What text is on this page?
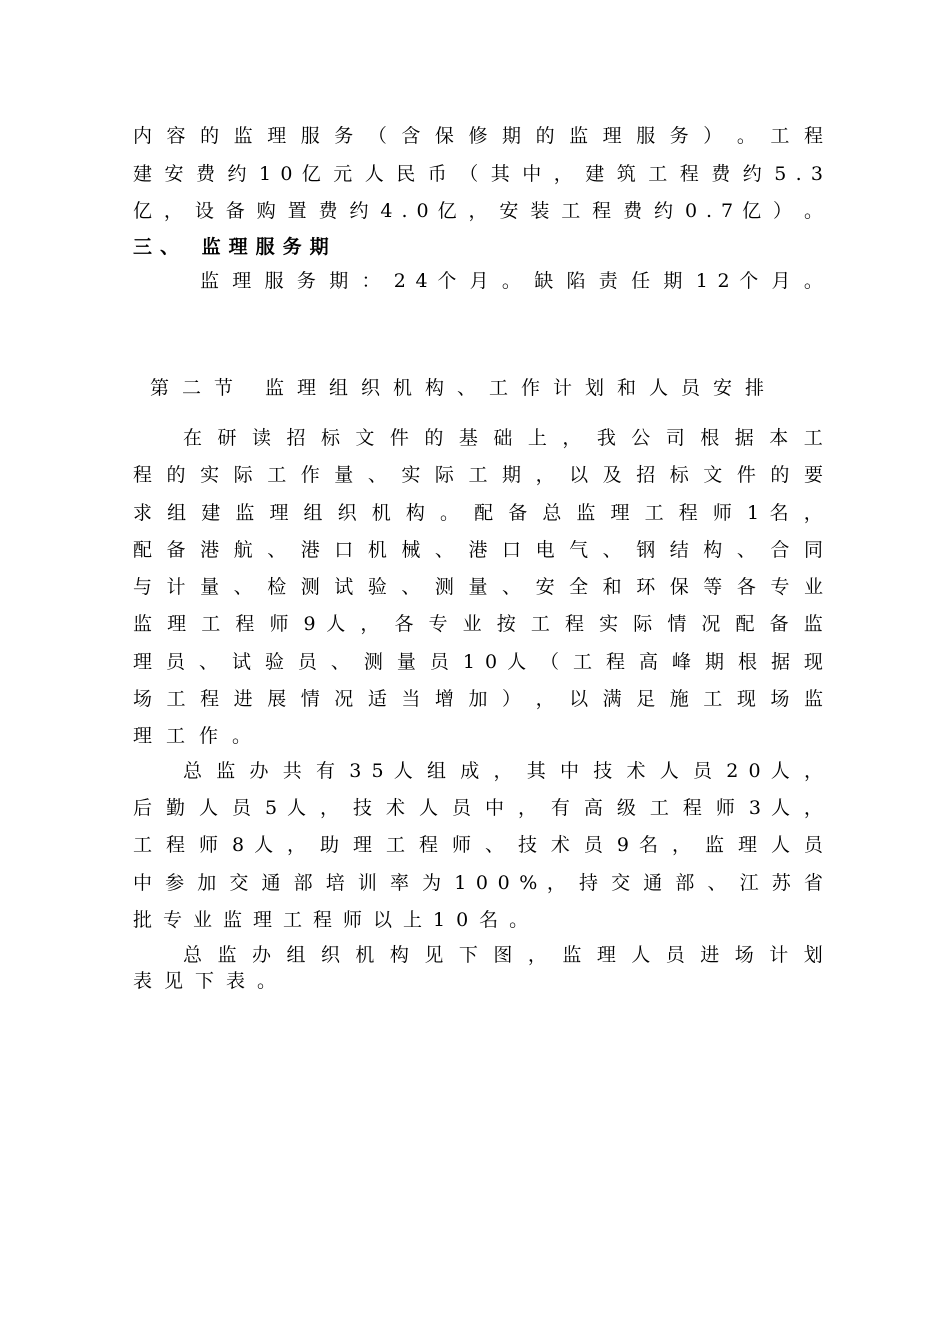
内 容 的 监 理 服 务 （ 含 保 修 期 的 监 理 服 务 ） 。 工 程
建 安 费 约 1 0 亿 元 人 民 币 （ 其 中 ， 建 筑 工 程 费 约 5 . 3
亿 ， 设 备 购 置 费 约 4 . 0 亿 ， 安 装 工 程 费 约 0 . 7 亿 ） 。
三、 监理服务期
监 理 服 务 期 ： 2 4 个 月 。 缺 陷 责 任 期 1 2 个 月 。
第二节 监理组织机构、工作计划和人员安排
在 研 读 招 标 文 件 的 基 础 上 ， 我 公 司 根 据 本 工
程 的 实 际 工 作 量 、 实 际 工 期 ， 以 及 招 标 文 件 的 要
求 组 建 监 理 组 织 机 构 。 配 备 总 监 理 工 程 师 1 名 ，
配 备 港 航 、 港 口 机 械 、 港 口 电 气 、 钢 结 构 、 合 同
与 计 量 、 检 测 试 验 、 测 量 、 安 全 和 环 保 等 各 专 业
监 理 工 程 师 9 人 ， 各 专 业 按 工 程 实 际 情 况 配 备 监
理 员 、 试 验 员 、 测 量 员 1 0 人 （ 工 程 高 峰 期 根 据 现
场 工 程 进 展 情 况 适 当 增 加 ） ， 以 满 足 施 工 现 场 监
理工作。
总 监 办 共 有 3 5 人 组 成 ， 其 中 技 术 人 员 2 0 人 ，
后 勤 人 员 5 人 ， 技 术 人 员 中 ， 有 高 级 工 程 师 3 人 ，
工 程 师 8 人 ， 助 理 工 程 师 、 技 术 员 9 名 ， 监 理 人 员
中 参 加 交 通 部 培 训 率 为 1 0 0 % ， 持 交 通 部 、 江 苏 省
批专业监理工程师以上10名。
总 监 办 组 织 机 构 见 下 图 ， 监 理 人 员 进 场 计 划
表见下表。
